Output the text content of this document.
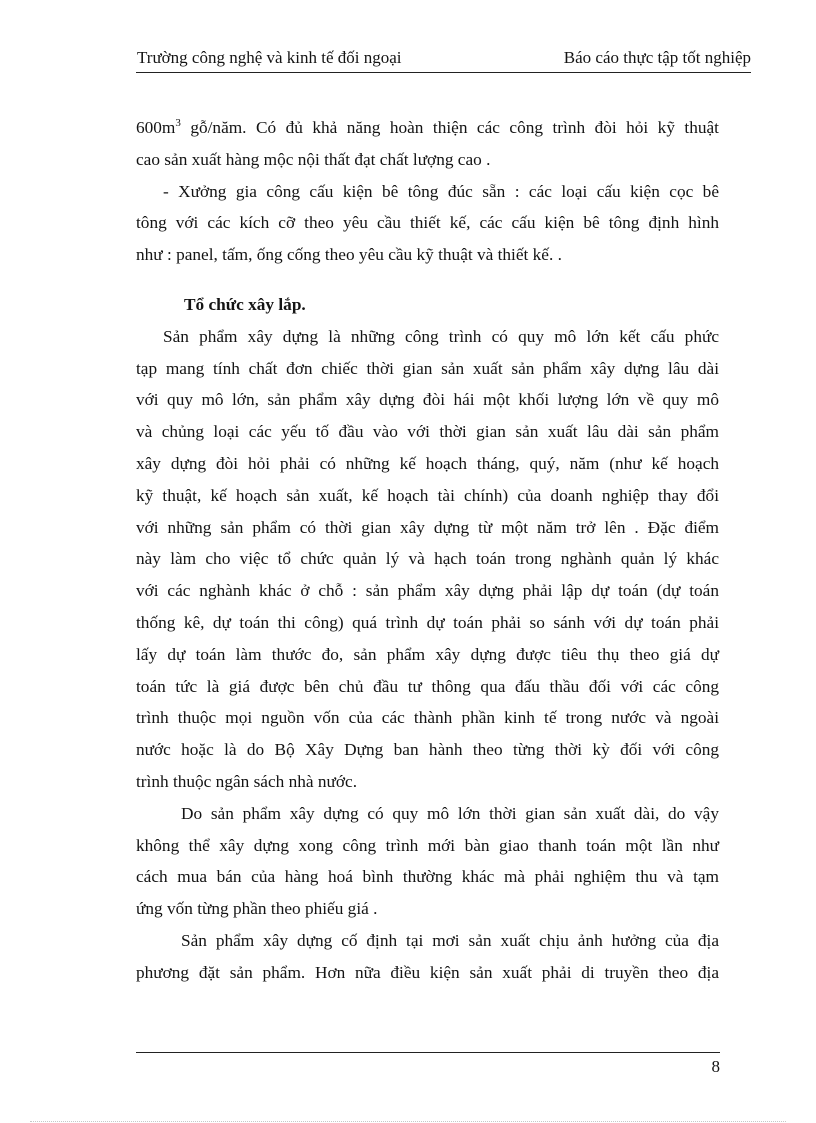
Trường công nghệ và kinh tế đối ngoại	Báo cáo thực tập tốt nghiệp

$600m^3$ gỗ/năm. Có đủ khả năng hoàn thiện các công trình đòi hỏi kỹ thuật
cao sản xuất hàng mộc nội thất đạt chất lượng cao .

- Xưởng gia công cấu kiện bê tông đúc sẵn : các loại cấu kiện cọc bê
tông với các kích cỡ theo yêu cầu thiết kế, các cấu kiện bê tông định hình
như : panel, tấm, ống cống theo yêu cầu kỹ thuật và thiết kế. .

Tổ chức xây lắp.

Sản phẩm xây dựng là những công trình có quy mô lớn kết cấu phức
tạp mang tính chất đơn chiếc thời gian sản xuất sản phẩm xây dựng lâu dài
với quy mô lớn, sản phẩm xây dựng đòi hái một khối lượng lớn về quy mô
và chủng loại các yếu tố đầu vào với thời gian sản xuất lâu dài sản phẩm
xây dựng đòi hỏi phải có những kế hoạch tháng, quý, năm (như kế hoạch
kỹ thuật, kế hoạch sản xuất, kế hoạch tài chính) của doanh nghiệp thay đổi
với những sản phẩm có thời gian xây dựng từ một năm trở lên . Đặc điểm
này làm cho việc tổ chức quản lý và hạch toán trong nghành quản lý khác
với các nghành khác ở chỗ : sản phẩm xây dựng phải lập dự toán (dự toán
thống kê, dự toán thi công) quá trình dự toán phải so sánh với dự toán phải
lấy dự toán làm thước đo, sản phẩm xây dựng được tiêu thụ theo giá dự
toán tức là giá được bên chủ đầu tư thông qua đấu thầu đối với các công
trình thuộc mọi nguồn vốn của các thành phần kinh tế trong nước và ngoài
nước hoặc là do Bộ Xây Dựng ban hành theo từng thời kỳ đối với công
trình thuộc ngân sách nhà nước.

Do sản phẩm xây dựng có quy mô lớn thời gian sản xuất dài, do vậy
không thể xây dựng xong công trình mới bàn giao thanh toán một lần như
cách mua bán của hàng hoá bình thường khác mà phải nghiệm thu và tạm
ứng vốn từng phần theo phiếu giá .

Sản phẩm xây dựng cố định tại mơi sản xuất chịu ảnh hưởng của địa
phương đặt sản phẩm. Hơn nữa điều kiện sản xuất phải di truyền theo địa

8
